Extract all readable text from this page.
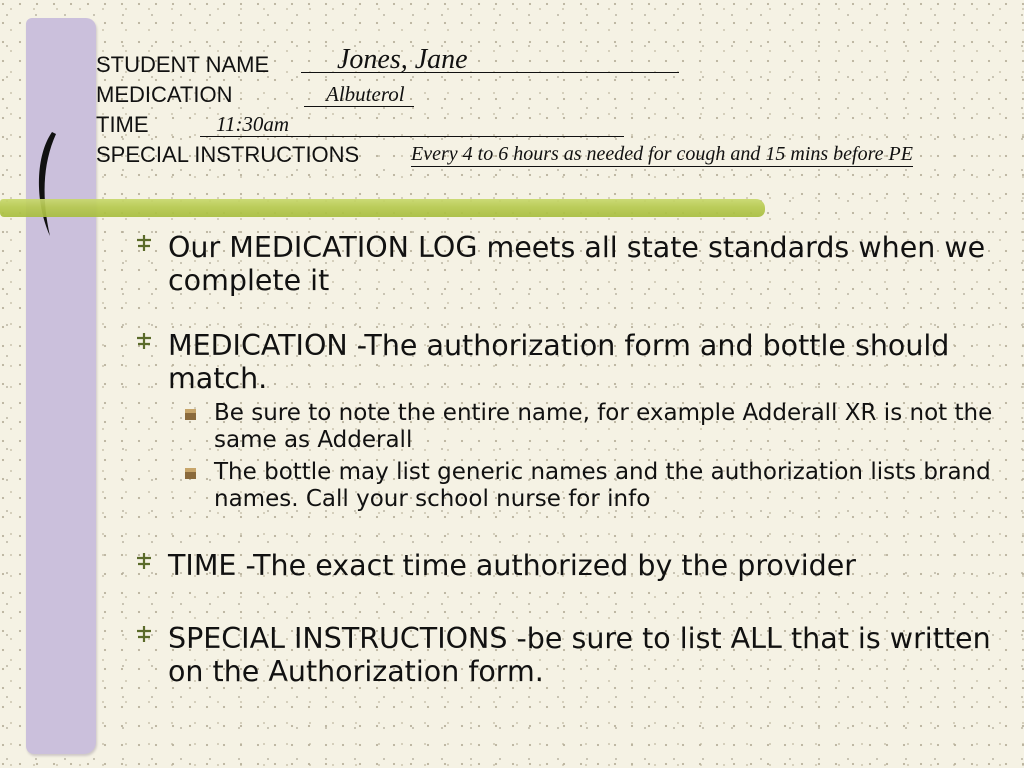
STUDENT NAME	Jones, Jane
MEDICATION	Albuterol
TIME	11:30am
SPECIAL INSTRUCTIONS	Every 4 to 6 hours as needed for cough and 15 mins before PE
Our MEDICATION LOG meets all state standards when we complete it
MEDICATION -The authorization form and bottle should match.
Be sure to note the entire name, for example Adderall XR is not the same as Adderall
The bottle may list generic names and the authorization lists brand names. Call your school nurse for info
TIME -The exact time authorized by the provider
SPECIAL INSTRUCTIONS -be sure to list ALL that is written on the Authorization form.
